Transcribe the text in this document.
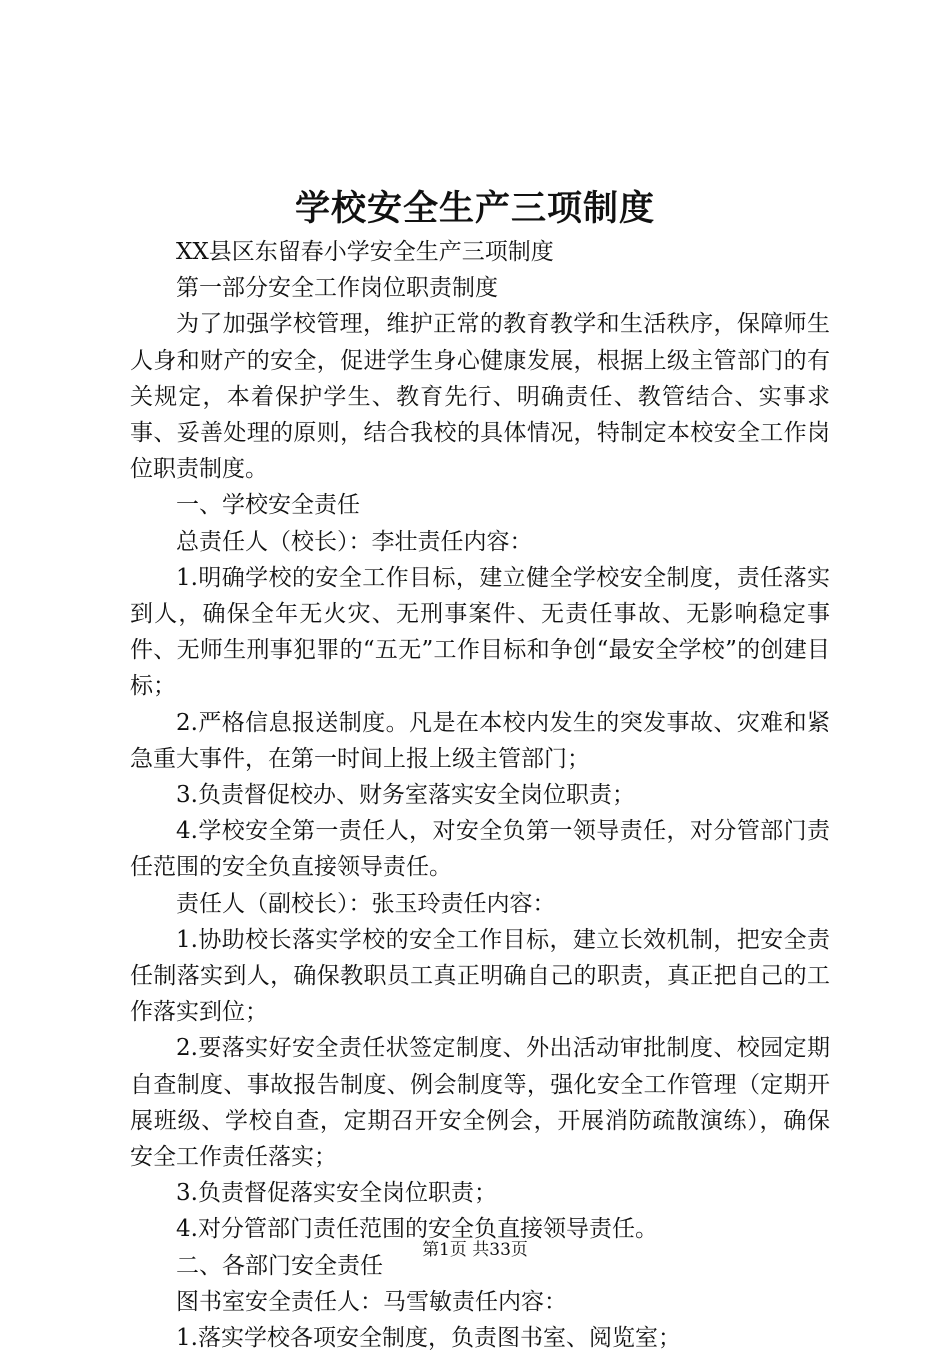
学校安全生产三项制度

XX县区东留春小学安全生产三项制度

第一部分安全工作岗位职责制度

为了加强学校管理，维护正常的教育教学和生活秩序，保障师生人身和财产的安全，促进学生身心健康发展，根据上级主管部门的有关规定，本着保护学生、教育先行、明确责任、教管结合、实事求事、妥善处理的原则，结合我校的具体情况，特制定本校安全工作岗位职责制度。

一、学校安全责任

总责任人（校长）：李壮责任内容：

1.明确学校的安全工作目标，建立健全学校安全制度，责任落实到人，确保全年无火灾、无刑事案件、无责任事故、无影响稳定事件、无师生刑事犯罪的“五无”工作目标和争创“最安全学校”的创建目标；

2.严格信息报送制度。凡是在本校内发生的突发事故、灾难和紧急重大事件，在第一时间上报上级主管部门；

3.负责督促校办、财务室落实安全岗位职责；

4.学校安全第一责任人，对安全负第一领导责任，对分管部门责任范围的安全负直接领导责任。

责任人（副校长）：张玉玲责任内容：

1.协助校长落实学校的安全工作目标，建立长效机制，把安全责任制落实到人，确保教职员工真正明确自己的职责，真正把自己的工作落实到位；

2.要落实好安全责任状签定制度、外出活动审批制度、校园定期自查制度、事故报告制度、例会制度等，强化安全工作管理（定期开展班级、学校自查，定期召开安全例会，开展消防疏散演练），确保安全工作责任落实；

3.负责督促落实安全岗位职责；

4.对分管部门责任范围的安全负直接领导责任。

二、各部门安全责任

图书室安全责任人：马雪敏责任内容：

1.落实学校各项安全制度，负责图书室、阅览室；

第1页 共33页
